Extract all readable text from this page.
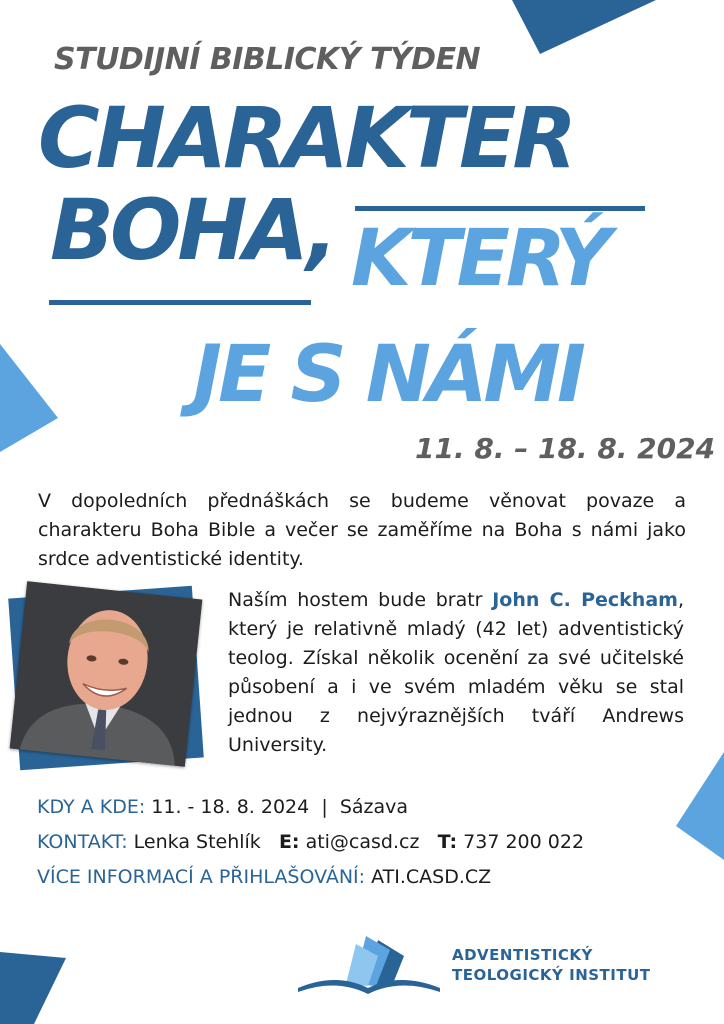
STUDIJNÍ BIBLICKÝ TÝDEN
CHARAKTER
BOHA, KTERÝ
JE S NÁMI
11. 8. – 18. 8. 2024
V dopoledních přednáškách se budeme věnovat povaze a charakteru Boha Bible a večer se zaměříme na Boha s námi jako srdce adventistické identity.
Naším hostem bude bratr John C. Peckham, který je relativně mladý (42 let) adventistický teolog. Získal několik ocenění za své učitelské působení a i ve svém mladém věku se stal jednou z nejvýraznějších tváří Andrews University.
KDY A KDE: 11. - 18. 8. 2024 | Sázava
KONTAKT: Lenka Stehlík E: ati@casd.cz T: 737 200 022
VÍCE INFORMACÍ A PŘIHLAŠOVÁNÍ: ATI.CASD.CZ
ADVENTISTICKÝ
TEOLOGICKÝ INSTITUT
